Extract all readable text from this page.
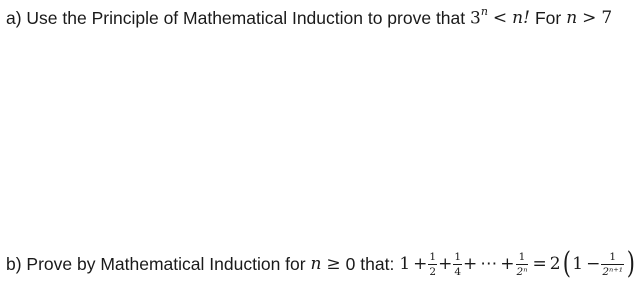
a) Use the Principle of Mathematical Induction to prove that $3^n < n$! For n > 7
b) Prove by Mathematical Induction for n ≥ 0 that: $1 + \frac{1}{2} + \frac{1}{4}$ + ⋯ + $\frac{1}{\text{2ⁿ}} = 2$ ( $1 - \frac{1}{\text{2ⁿ⁺¹}}$ )
